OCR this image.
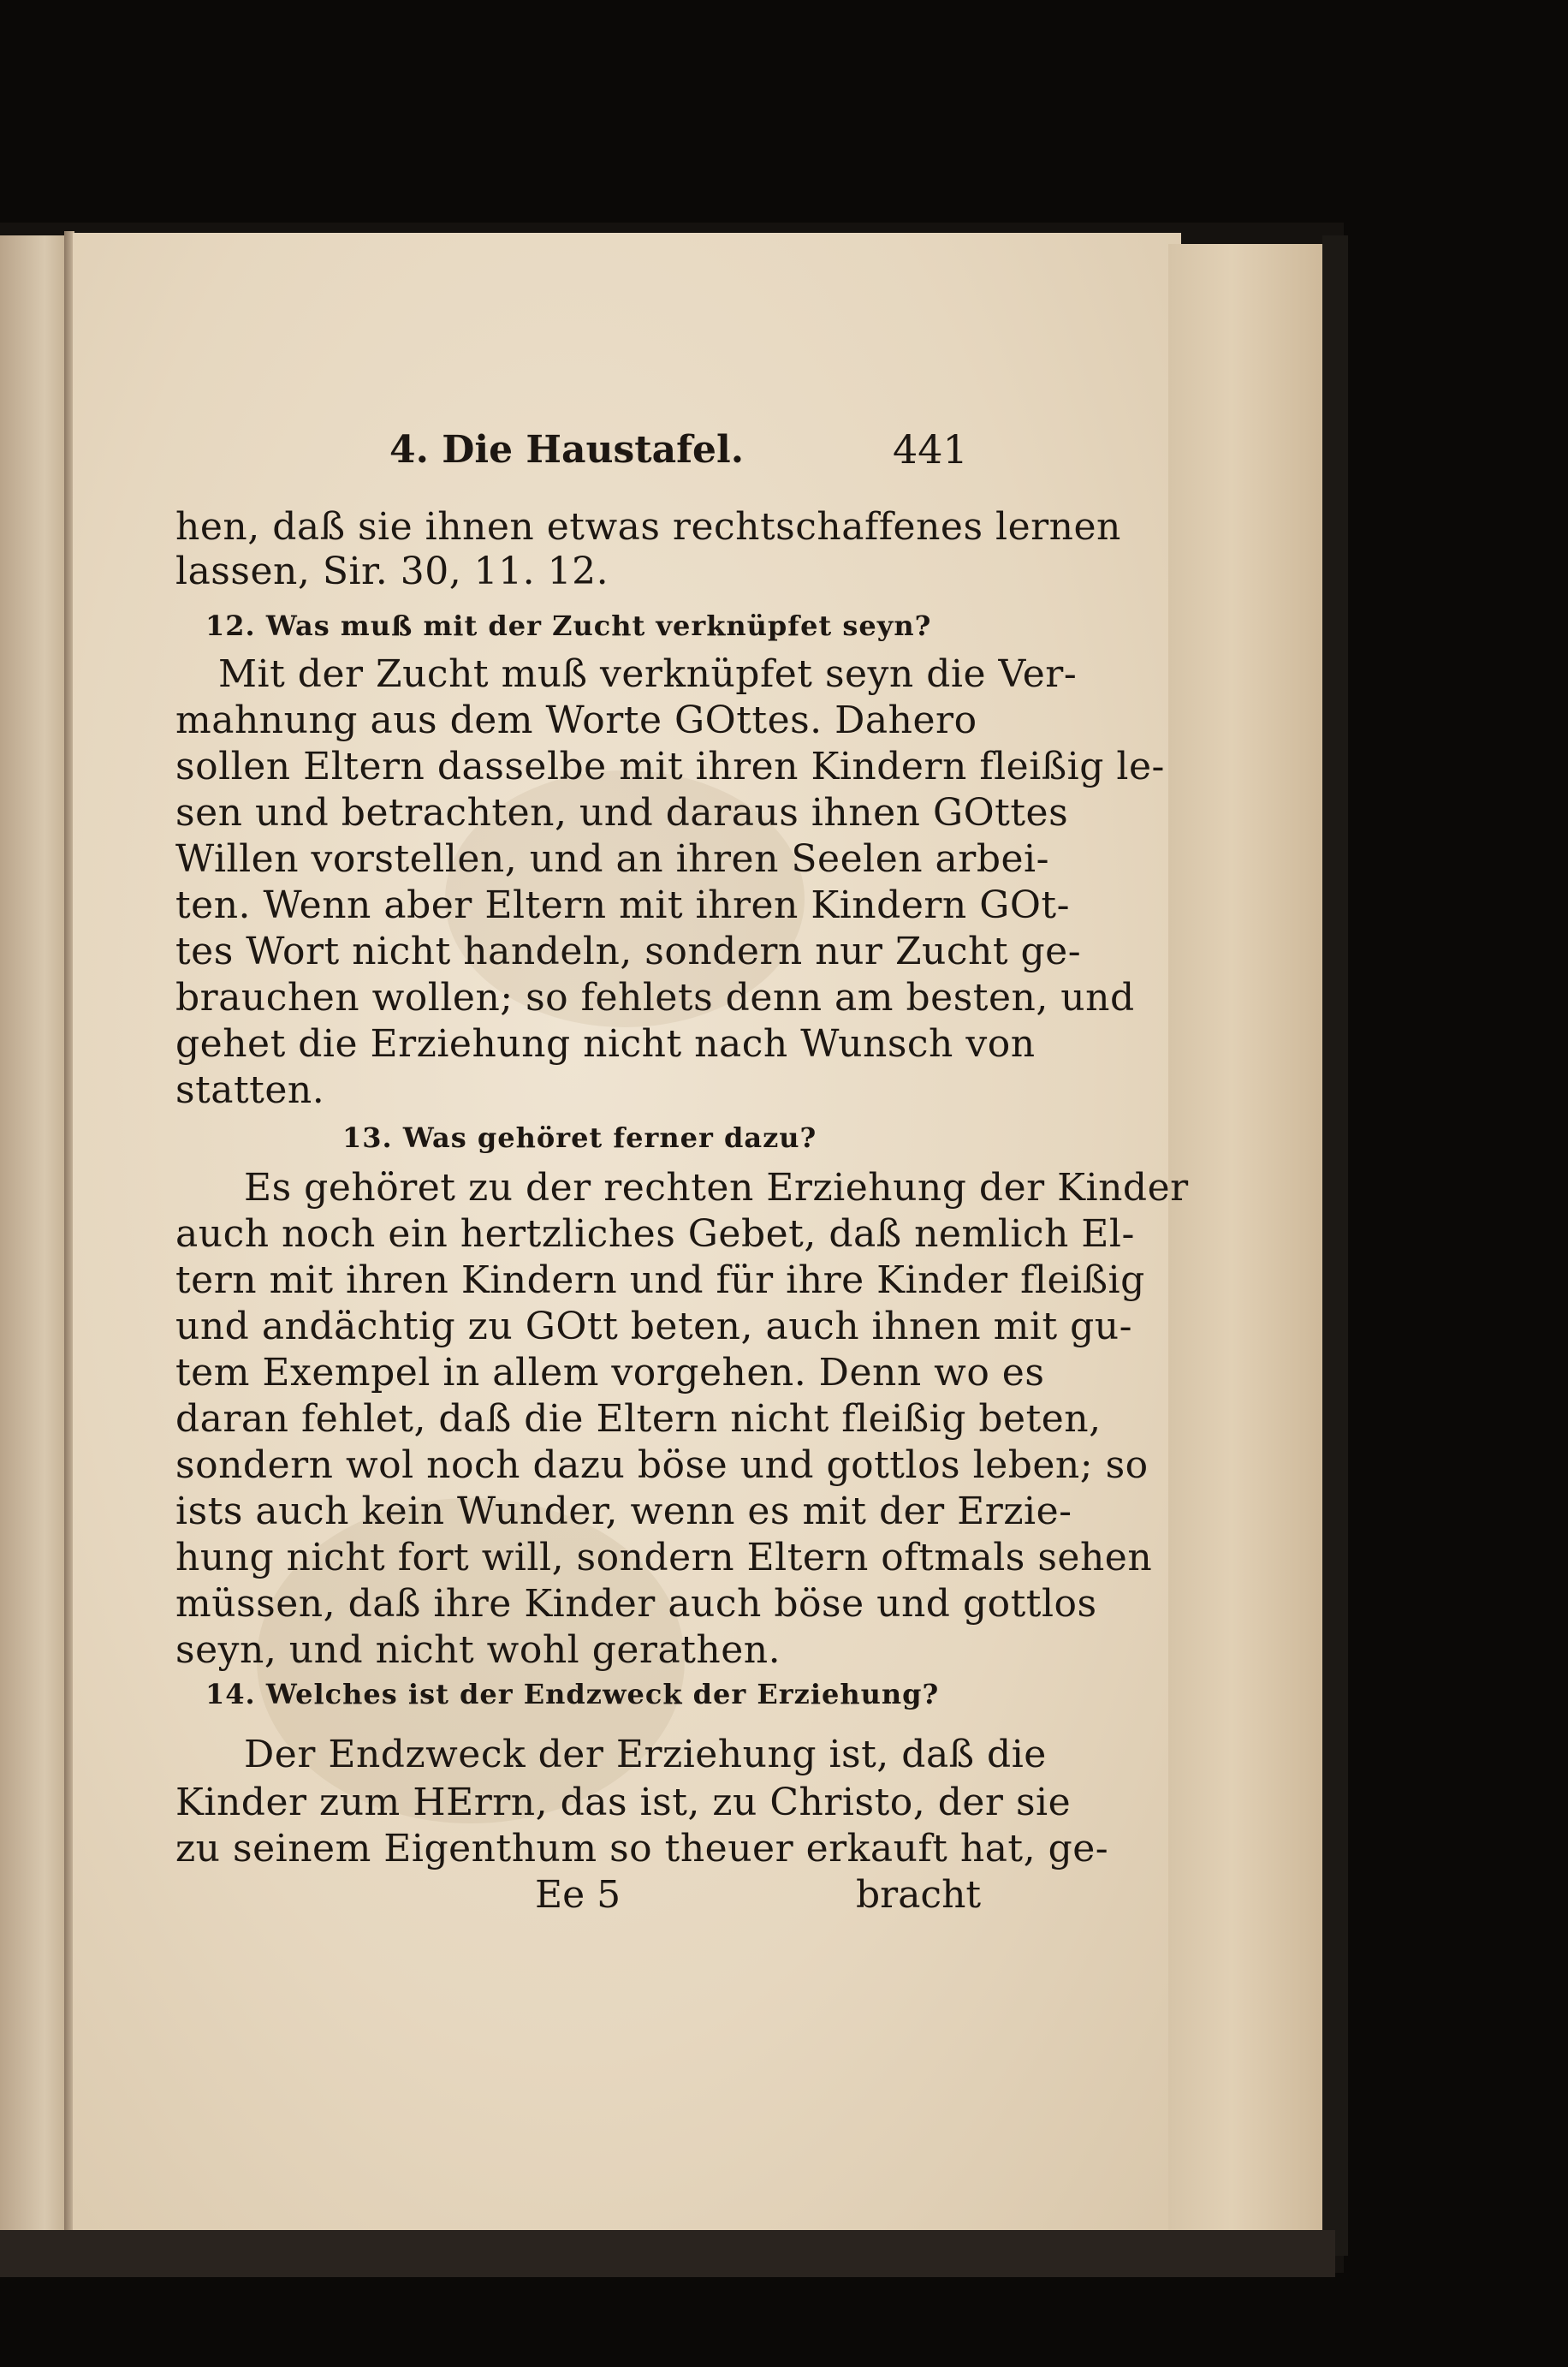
4. Die Haustafel.	441
hen, daß sie ihnen etwas rechtschaffenes lernen
lassen, Sir. 30, 11. 12.
12. Was muß mit der Zucht verknüpfet seyn?
Mit der Zucht muß verknüpfet seyn die Ver-
mahnung aus dem Worte GOttes. Dahero
sollen Eltern dasselbe mit ihren Kindern fleißig le-
sen und betrachten, und daraus ihnen GOttes
Willen vorstellen, und an ihren Seelen arbei-
ten. Wenn aber Eltern mit ihren Kindern GOt-
tes Wort nicht handeln, sondern nur Zucht ge-
brauchen wollen; so fehlets denn am besten, und
gehet die Erziehung nicht nach Wunsch von
statten.
13. Was gehöret ferner dazu?
Es gehöret zu der rechten Erziehung der Kinder
auch noch ein hertzliches Gebet, daß nemlich El-
tern mit ihren Kindern und für ihre Kinder fleißig
und andächtig zu GOtt beten, auch ihnen mit gu-
tem Exempel in allem vorgehen. Denn wo es
daran fehlet, daß die Eltern nicht fleißig beten,
sondern wol noch dazu böse und gottlos leben; so
ists auch kein Wunder, wenn es mit der Erzie-
hung nicht fort will, sondern Eltern oftmals sehen
müssen, daß ihre Kinder auch böse und gottlos
seyn, und nicht wohl gerathen.
14. Welches ist der Endzweck der Erziehung?
Der Endzweck der Erziehung ist, daß die
Kinder zum HErrn, das ist, zu Christo, der sie
zu seinem Eigenthum so theuer erkauft hat, ge-
Ee 5	bracht
